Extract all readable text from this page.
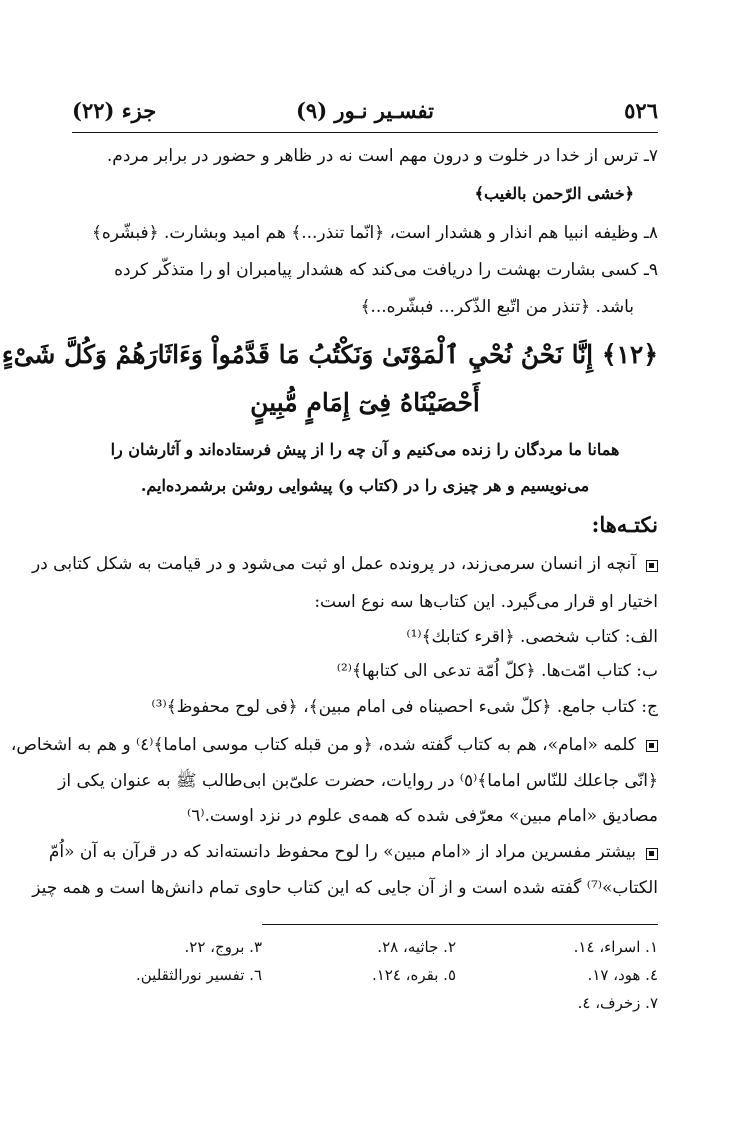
٥٢٦
تفسـیر نـور (۹)
جزء (٢٢)
۷ـ ترس از خدا در خلوت و درون مهم است نه در ظاهر و حضور در برابر مردم.
﴿خشی الرّحمن بالغیب﴾
۸ـ وظیفه انبیا هم انذار و هشدار است، ﴿انّما تنذر...﴾ هم امید وبشارت. ﴿فبشّره﴾
۹ـ کسی بشارت بهشت را دریافت می‌کند که هشدار پیامبران او را متذکّر کرده
باشد. ﴿تنذر من اتّبع الذّکر... فبشّره...﴾
﴿۱۲﴾ إِنَّا نَحْنُ نُحْيِ ٱلْمَوْتَىٰ وَنَكْتُبُ مَا قَدَّمُواْ وَءَاثَارَهُمْ وَكُلَّ شَىْءٍ
أَحْصَيْنَاهُ فِىٓ إِمَامٍ مُّبِينٍ
همانا ما مردگان را زنده می‌کنیم و آن چه را از پیش فرستاده‌اند و آثارشان را
می‌نویسیم و هر چیزی را در (کتاب و) پیشوایی روشن برشمرده‌ایم.
نکتـه‌ها:
آنچه از انسان سرمی‌زند، در پرونده عمل او ثبت می‌شود و در قیامت به شکل کتابی در
اختیار او قرار می‌گیرد. این کتاب‌ها سه نوع است:
الف: کتاب شخصی. ﴿اقرء کتابك﴾⁽¹⁾
ب: کتاب امّت‌ها. ﴿کلّ اُمّة تدعی الی کتابها﴾⁽²⁾
ج: کتاب جامع. ﴿کلّ شیء احصیناه فی امام مبین﴾، ﴿فی لوح محفوظ﴾⁽³⁾
کلمه «امام»، هم به کتاب گفته شده، ﴿و من قبله کتاب موسی اماما﴾⁽٤⁾ و هم به اشخاص،
﴿انّی جاعلك للنّاس اماما﴾⁽٥⁾ در روایات، حضرت علیّ‌بن ابی‌طالب ﷺ به عنوان یکی از
مصادیق «امام مبین» معرّفی شده که همه‌ی علوم در نزد اوست.⁽٦⁾
بیشتر مفسرین مراد از «امام مبین» را لوح محفوظ دانسته‌اند که در قرآن به آن «اُمّ
الکتاب»⁽⁷⁾ گفته شده است و از آن جایی که این کتاب حاوی تمام دانش‌ها است و همه چیز
۱. اسراء، ١٤.
٢. جاثیه، ٢٨.
٣. بروج، ٢٢.
٤. هود، ١٧.
٥. بقره، ١٢٤.
٦. تفسیر نورالثقلین.
۷. زخرف، ٤.
